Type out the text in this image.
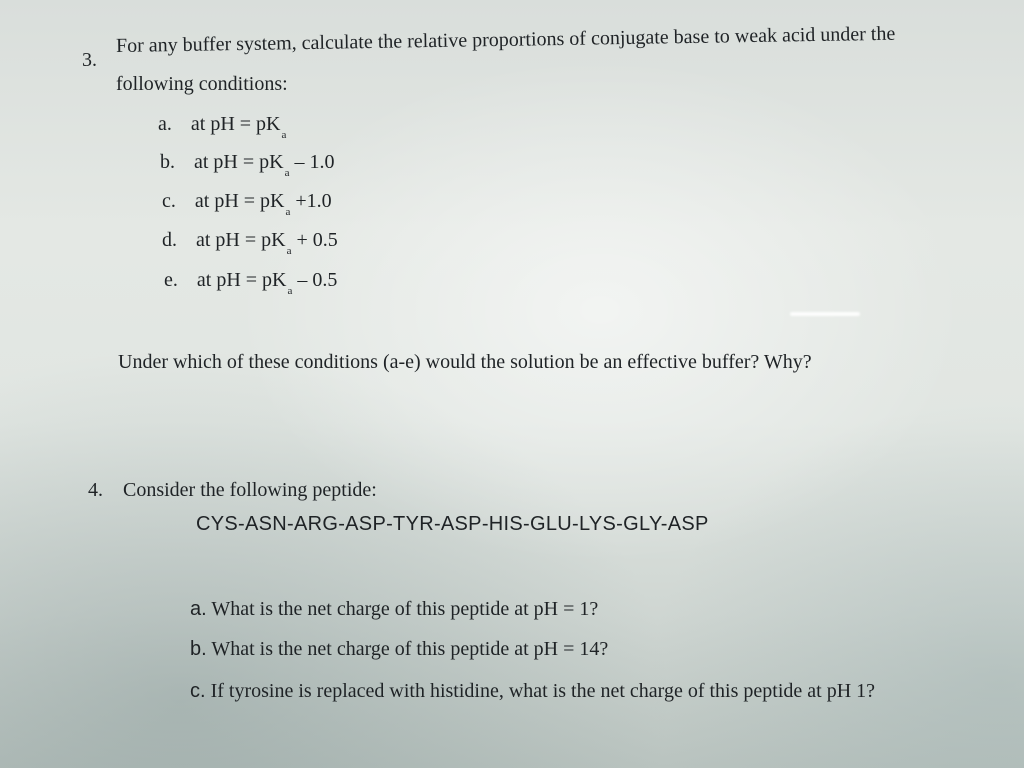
3.
For any buffer system, calculate the relative proportions of conjugate base to weak acid under the
following conditions:
a. at pH = $pK_a$
b. at pH = $pK_a - 1.0$
c. at pH = $pK_a +1.0$
d. at pH = $pK_a + 0.5$
e. at pH = $pK_a - 0.5$
Under which of these conditions (a-e) would the solution be an effective buffer? Why?
4. Consider the following peptide:
CYS-ASN-ARG-ASP-TYR-ASP-HIS-GLU-LYS-GLY-ASP
a. What is the net charge of this peptide at pH = 1?
b. What is the net charge of this peptide at pH = 14?
c. If tyrosine is replaced with histidine, what is the net charge of this peptide at pH 1?
